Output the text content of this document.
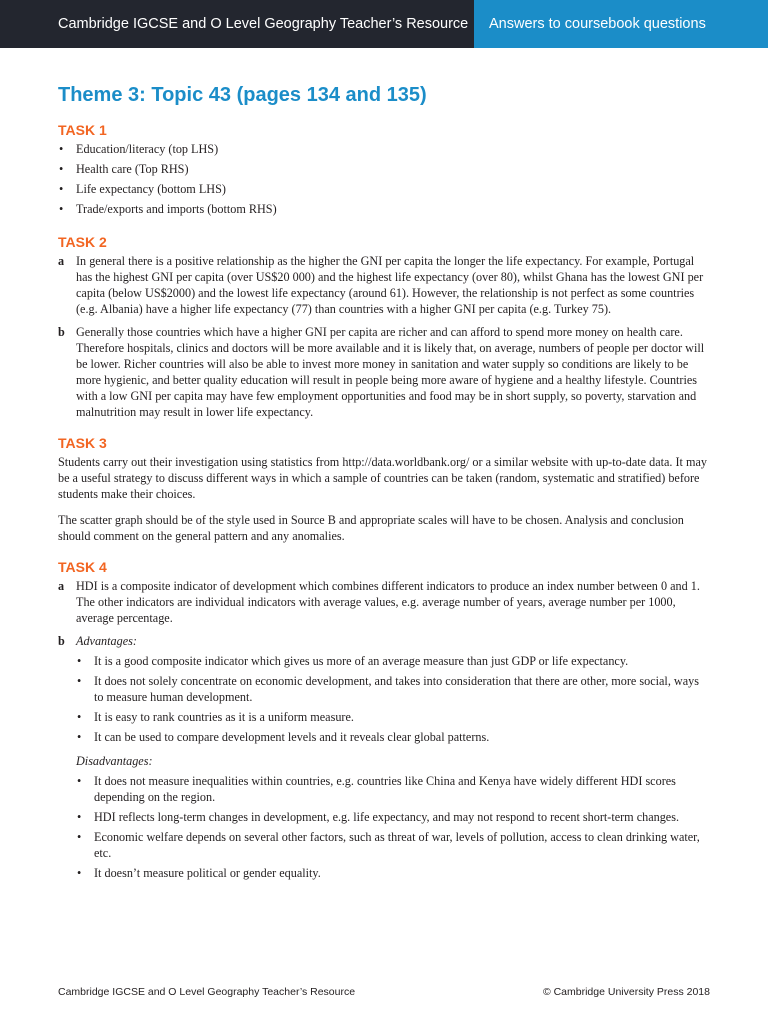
Cambridge IGCSE and O Level Geography Teacher’s Resource	Answers to coursebook questions
Theme 3: Topic 43 (pages 134 and 135)
TASK 1
• Education/literacy (top LHS)
• Health care (Top RHS)
• Life expectancy (bottom LHS)
• Trade/exports and imports (bottom RHS)
TASK 2
a In general there is a positive relationship as the higher the GNI per capita the longer the life expectancy. For example, Portugal has the highest GNI per capita (over US$20 000) and the highest life expectancy (over 80), whilst Ghana has the lowest GNI per capita (below US$2000) and the lowest life expectancy (around 61). However, the relationship is not perfect as some countries (e.g. Albania) have a higher life expectancy (77) than countries with a higher GNI per capita (e.g. Turkey 75).
b Generally those countries which have a higher GNI per capita are richer and can afford to spend more money on health care. Therefore hospitals, clinics and doctors will be more available and it is likely that, on average, numbers of people per doctor will be lower. Richer countries will also be able to invest more money in sanitation and water supply so conditions are likely to be more hygienic, and better quality education will result in people being more aware of hygiene and a healthy lifestyle. Countries with a low GNI per capita may have few employment opportunities and food may be in short supply, so poverty, starvation and malnutrition may result in lower life expectancy.
TASK 3

Students carry out their investigation using statistics from http://data.worldbank.org/ or a similar website with up-to-date data. It may be a useful strategy to discuss different ways in which a sample of countries can be taken (random, systematic and stratified) before students make their choices.

The scatter graph should be of the style used in Source B and appropriate scales will have to be chosen. Analysis and conclusion should comment on the general pattern and any anomalies.

TASK 4
a HDI is a composite indicator of development which combines different indicators to produce an index number between 0 and 1. The other indicators are individual indicators with average values, e.g. average number of years, average number per 1000, average percentage.
b Advantages:

• It is a good composite indicator which gives us more of an average measure than just GDP or life expectancy.
• It does not solely concentrate on economic development, and takes into consideration that there are other, more social, ways to measure human development.
• It is easy to rank countries as it is a uniform measure.
• It can be used to compare development levels and it reveals clear global patterns.

Disadvantages:

• It does not measure inequalities within countries, e.g. countries like China and Kenya have widely different HDI scores depending on the region.
• HDI reflects long-term changes in development, e.g. life expectancy, and may not respond to recent short-term changes.
• Economic welfare depends on several other factors, such as threat of war, levels of pollution, access to clean drinking water, etc.
• It doesn’t measure political or gender equality.
Cambridge IGCSE and O Level Geography Teacher’s Resource	© Cambridge University Press 2018
